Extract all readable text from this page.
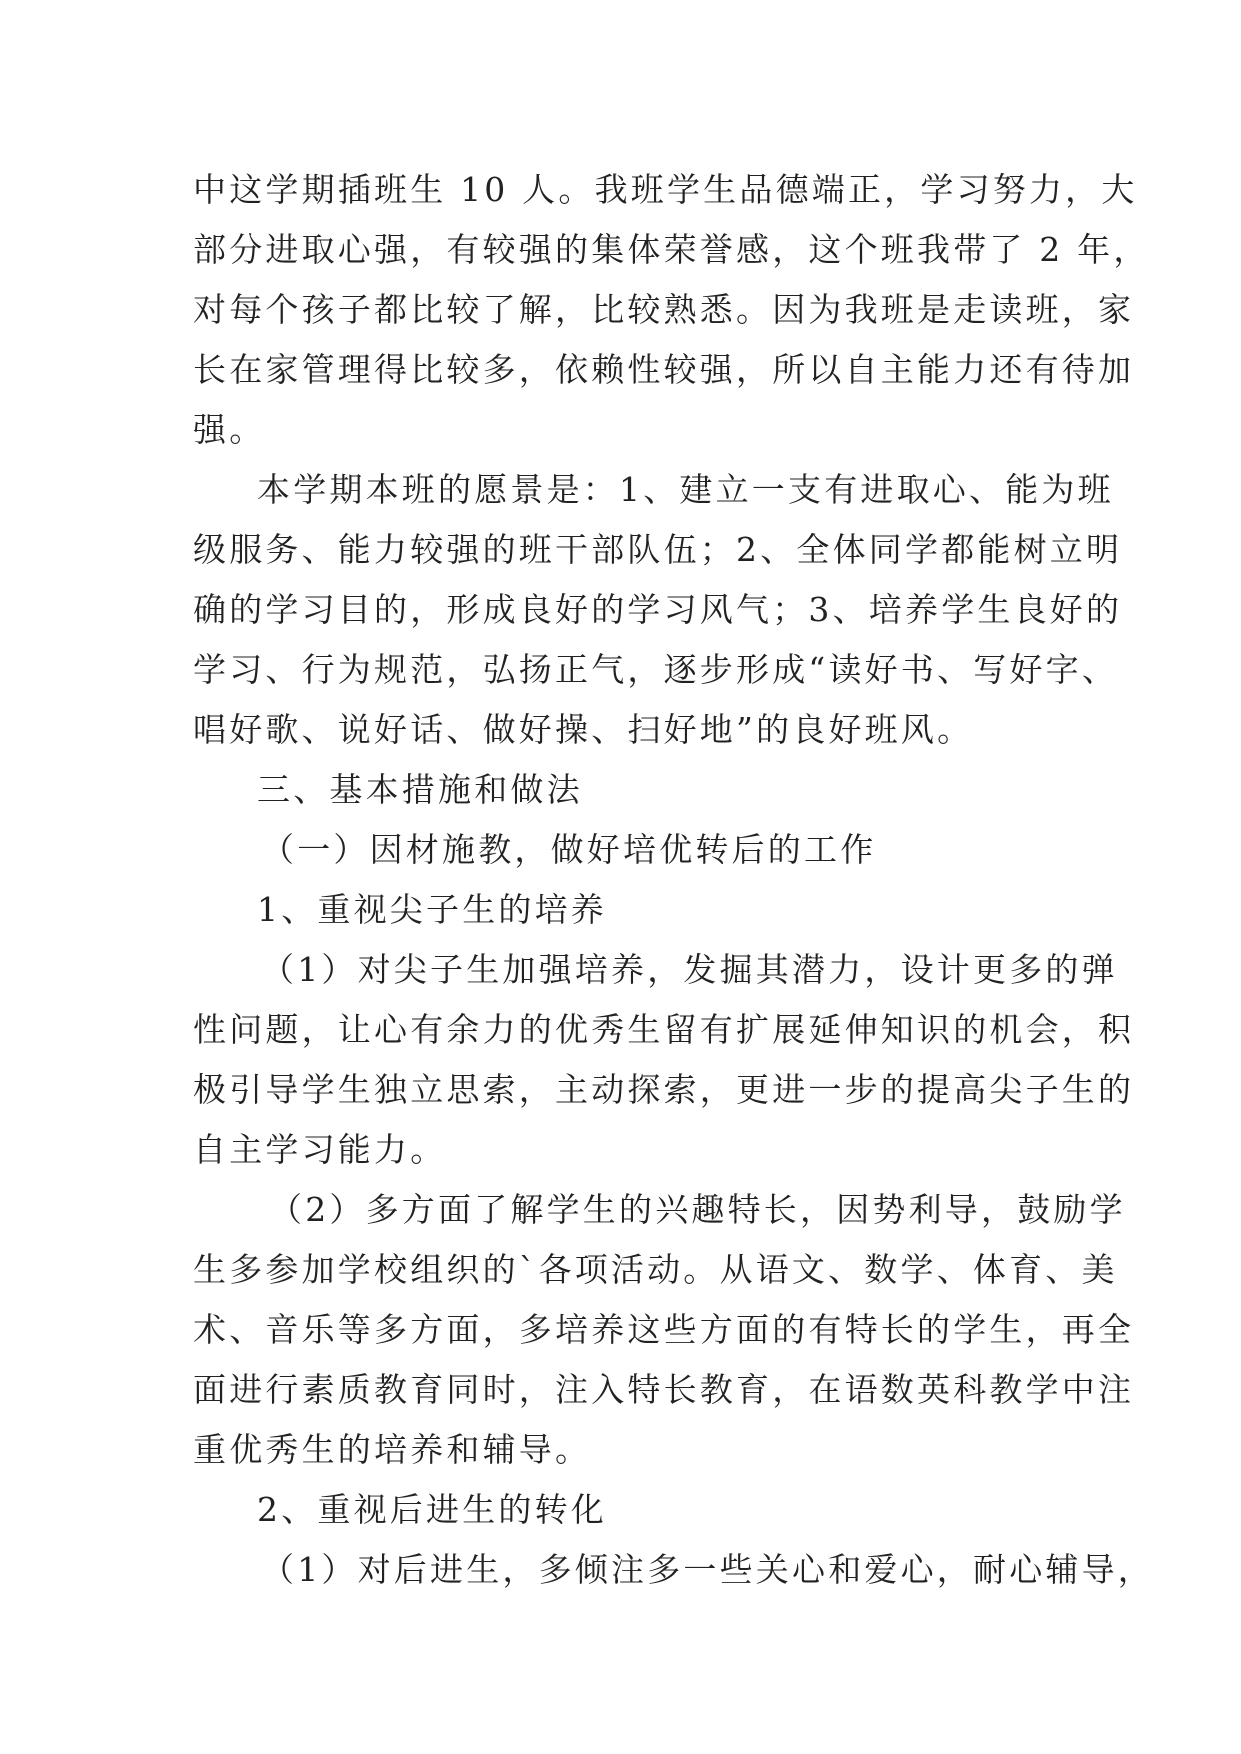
中这学期插班生 10 人。我班学生品德端正，学习努力，大
部分进取心强，有较强的集体荣誉感，这个班我带了 2 年，
对每个孩子都比较了解，比较熟悉。因为我班是走读班，家
长在家管理得比较多，依赖性较强，所以自主能力还有待加
强。
本学期本班的愿景是：1、建立一支有进取心、能为班
级服务、能力较强的班干部队伍；2、全体同学都能树立明
确的学习目的，形成良好的学习风气；3、培养学生良好的
学习、行为规范，弘扬正气，逐步形成“读好书、写好字、
唱好歌、说好话、做好操、扫好地”的良好班风。
三、基本措施和做法
（一）因材施教，做好培优转后的工作
1、重视尖子生的培养
（1）对尖子生加强培养，发掘其潜力，设计更多的弹
性问题，让心有余力的优秀生留有扩展延伸知识的机会，积
极引导学生独立思索，主动探索，更进一步的提高尖子生的
自主学习能力。
（2）多方面了解学生的兴趣特长，因势利导，鼓励学
生多参加学校组织的`各项活动。从语文、数学、体育、美
术、音乐等多方面，多培养这些方面的有特长的学生，再全
面进行素质教育同时，注入特长教育，在语数英科教学中注
重优秀生的培养和辅导。
2、重视后进生的转化
（1）对后进生，多倾注多一些关心和爱心，耐心辅导，
